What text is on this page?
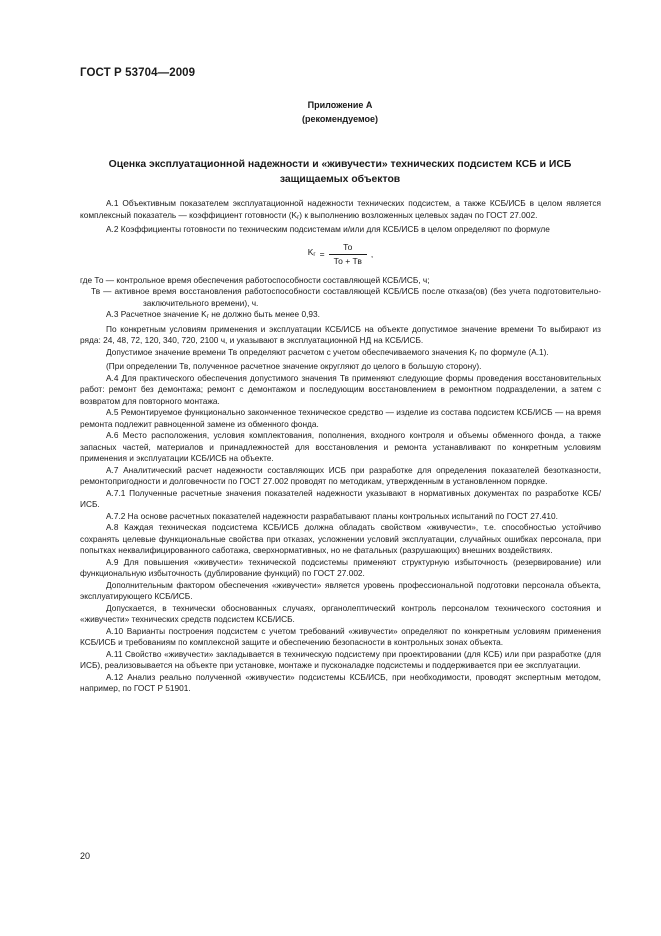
ГОСТ Р 53704—2009
Приложение А
(рекомендуемое)
Оценка эксплуатационной надежности и «живучести» технических подсистем КСБ и ИСБ защищаемых объектов

А.1 Объективным показателем эксплуатационной надежности технических подсистем, а также КСБ/ИСБ в целом является комплексный показатель — коэффициент готовности $(K_г)$ к выполнению возложенных целевых задач по ГОСТ 27.002.

А.2 Коэффициенты готовности по техническим подсистемам и/или для КСБ/ИСБ в целом определяют по формуле

$K_г = \frac{То}{То + Тв}$ ,

где То — контрольное время обеспечения работоспособности составляющей КСБ/ИСБ, ч;

Тв — активное время восстановления работоспособности составляющей КСБ/ИСБ после отказа(ов) (без учета подготовительно-заключительного времени), ч.

А.3 Расчетное значение $K_г$ не должно быть менее 0,93.

По конкретным условиям применения и эксплуатации КСБ/ИСБ на объекте допустимое значение времени То выбирают из ряда: 24, 48, 72, 120, 340, 720, 2100 ч, и указывают в эксплуатационной НД на КСБ/ИСБ.

Допустимое значение времени Тв определяют расчетом с учетом обеспечиваемого значения $K_г$ по формуле (А.1).

(При определении Тв, полученное расчетное значение округляют до целого в большую сторону).

А.4 Для практического обеспечения допустимого значения Тв применяют следующие формы проведения восстановительных работ: ремонт без демонтажа; ремонт с демонтажом и последующим восстановлением в ремонтном подразделении, а затем с возвратом для повторного монтажа.

А.5 Ремонтируемое функционально законченное техническое средство — изделие из состава подсистем КСБ/ИСБ — на время ремонта подлежит равноценной замене из обменного фонда.

А.6 Место расположения, условия комплектования, пополнения, входного контроля и объемы обменного фонда, а также запасных частей, материалов и принадлежностей для восстановления и ремонта устанавливают по конкретным условиям применения и эксплуатации КСБ/ИСБ на объекте.

А.7 Аналитический расчет надежности составляющих ИСБ при разработке для определения показателей безотказности, ремонтопригодности и долговечности по ГОСТ 27.002 проводят по методикам, утвержденным в установленном порядке.

А.7.1 Полученные расчетные значения показателей надежности указывают в нормативных документах по разработке КСБ/ИСБ.

А.7.2 На основе расчетных показателей надежности разрабатывают планы контрольных испытаний по ГОСТ 27.410.

А.8 Каждая техническая подсистема КСБ/ИСБ должна обладать свойством «живучести», т.е. способностью устойчиво сохранять целевые функциональные свойства при отказах, усложнении условий эксплуатации, случайных ошибках персонала, при попытках неквалифицированного саботажа, сверхнормативных, но не фатальных (разрушающих) внешних воздействиях.

А.9 Для повышения «живучести» технической подсистемы применяют структурную избыточность (резервирование) или функциональную избыточность (дублирование функций) по ГОСТ 27.002.

Дополнительным фактором обеспечения «живучести» является уровень профессиональной подготовки персонала объекта, эксплуатирующего КСБ/ИСБ.

Допускается, в технически обоснованных случаях, органолептический контроль персоналом технического состояния и «живучести» технических средств подсистем КСБ/ИСБ.

А.10 Варианты построения подсистем с учетом требований «живучести» определяют по конкретным условиям применения КСБ/ИСБ и требованиям по комплексной защите и обеспечению безопасности в контрольных зонах объекта.

А.11 Свойство «живучести» закладывается в техническую подсистему при проектировании (для КСБ) или при разработке (для ИСБ), реализовывается на объекте при установке, монтаже и пусконаладке подсистемы и поддерживается при ее эксплуатации.

А.12 Анализ реально полученной «живучести» подсистемы КСБ/ИСБ, при необходимости, проводят экспертным методом, например, по ГОСТ Р 51901.

20
